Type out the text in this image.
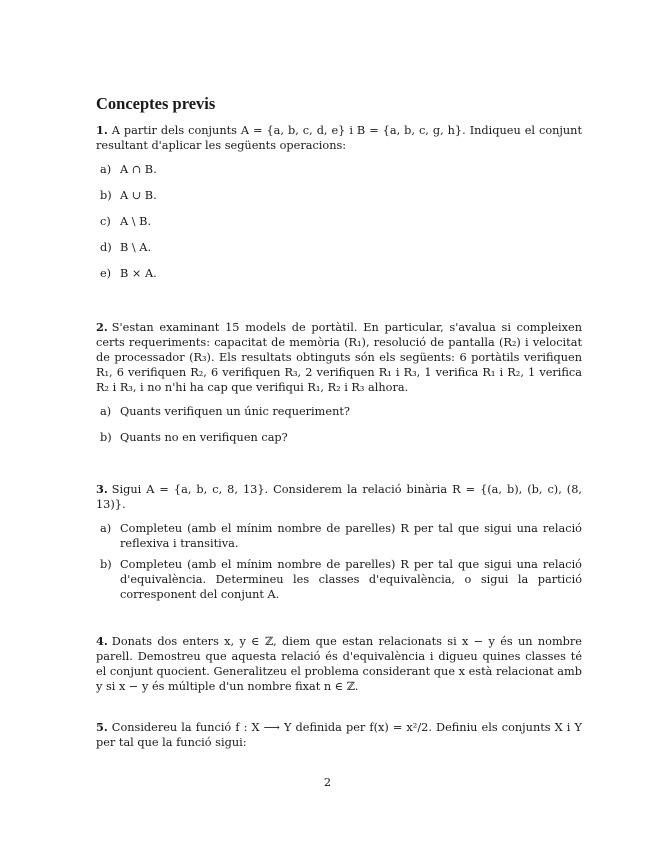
Conceptes previs

1. A partir dels conjunts A = {a, b, c, d, e} i B = {a, b, c, g, h}. Indiqueu el conjunt resultant d'aplicar les següents operacions:

a) A ∩ B.
b) A ∪ B.
c) A \ B.
d) B \ A.
e) B × A.

2. S'estan examinant 15 models de portàtil. En particular, s'avalua si compleixen certs requeriments: capacitat de memòria (R₁), resolució de pantalla (R₂) i velocitat de processador (R₃). Els resultats obtinguts són els següents: 6 portàtils verifiquen R₁, 6 verifiquen R₂, 6 verifiquen R₃, 2 verifiquen R₁ i R₃, 1 verifica R₁ i R₂, 1 verifica R₂ i R₃, i no n'hi ha cap que verifiqui R₁, R₂ i R₃ alhora.

a) Quants verifiquen un únic requeriment?
b) Quants no en verifiquen cap?

3. Sigui A = {a, b, c, 8, 13}. Considerem la relació binària R = {(a, b), (b, c), (8, 13)}.

a) Completeu (amb el mínim nombre de parelles) R per tal que sigui una relació reflexiva i transitiva.
b) Completeu (amb el mínim nombre de parelles) R per tal que sigui una relació d'equivalència. Determineu les classes d'equivalència, o sigui la partició corresponent del conjunt A.

4. Donats dos enters x, y ∈ ℤ, diem que estan relacionats si x − y és un nombre parell. Demostreu que aquesta relació és d'equivalència i digueu quines classes té el conjunt quocient. Generalitzeu el problema considerant que x està relacionat amb y si x − y és múltiple d'un nombre fixat n ∈ ℤ.

5. Considereu la funció f : X ⟶ Y definida per f(x) = x²/2. Definiu els conjunts X i Y per tal que la funció sigui:

2
